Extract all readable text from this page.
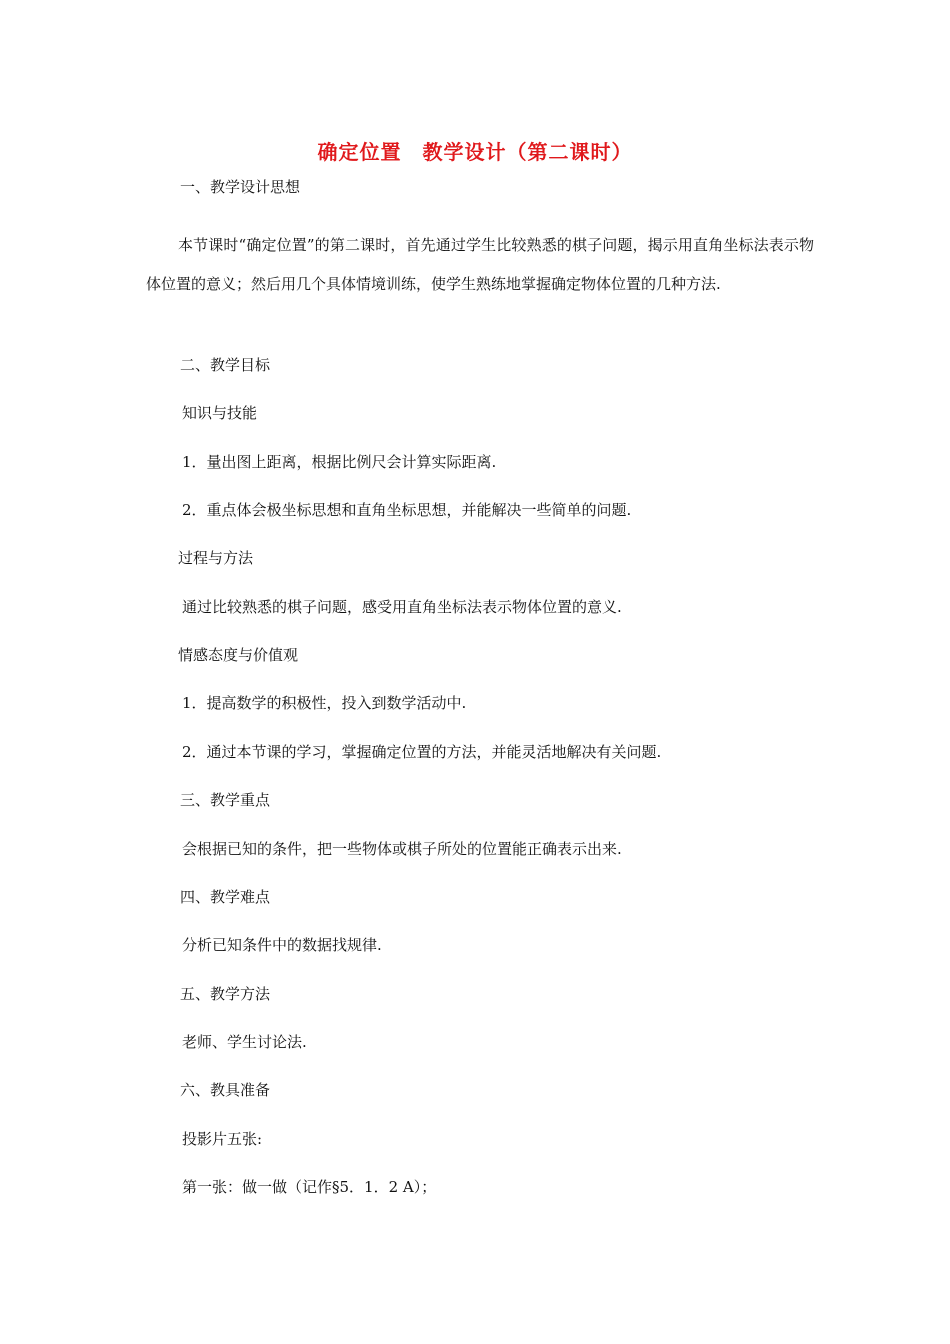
确定位置　教学设计（第二课时）
一、教学设计思想
本节课时“确定位置”的第二课时，首先通过学生比较熟悉的棋子问题，揭示用直角坐标法表示物体位置的意义；然后用几个具体情境训练，使学生熟练地掌握确定物体位置的几种方法.
二、教学目标
知识与技能
1．量出图上距离，根据比例尺会计算实际距离.
2．重点体会极坐标思想和直角坐标思想，并能解决一些简单的问题.
过程与方法
通过比较熟悉的棋子问题，感受用直角坐标法表示物体位置的意义.
情感态度与价值观
1．提高数学的积极性，投入到数学活动中.
2．通过本节课的学习，掌握确定位置的方法，并能灵活地解决有关问题.
三、教学重点
会根据已知的条件，把一些物体或棋子所处的位置能正确表示出来.
四、教学难点
分析已知条件中的数据找规律.
五、教学方法
老师、学生讨论法.
六、教具准备
投影片五张:
第一张：做一做（记作§5．1．2 A）；
